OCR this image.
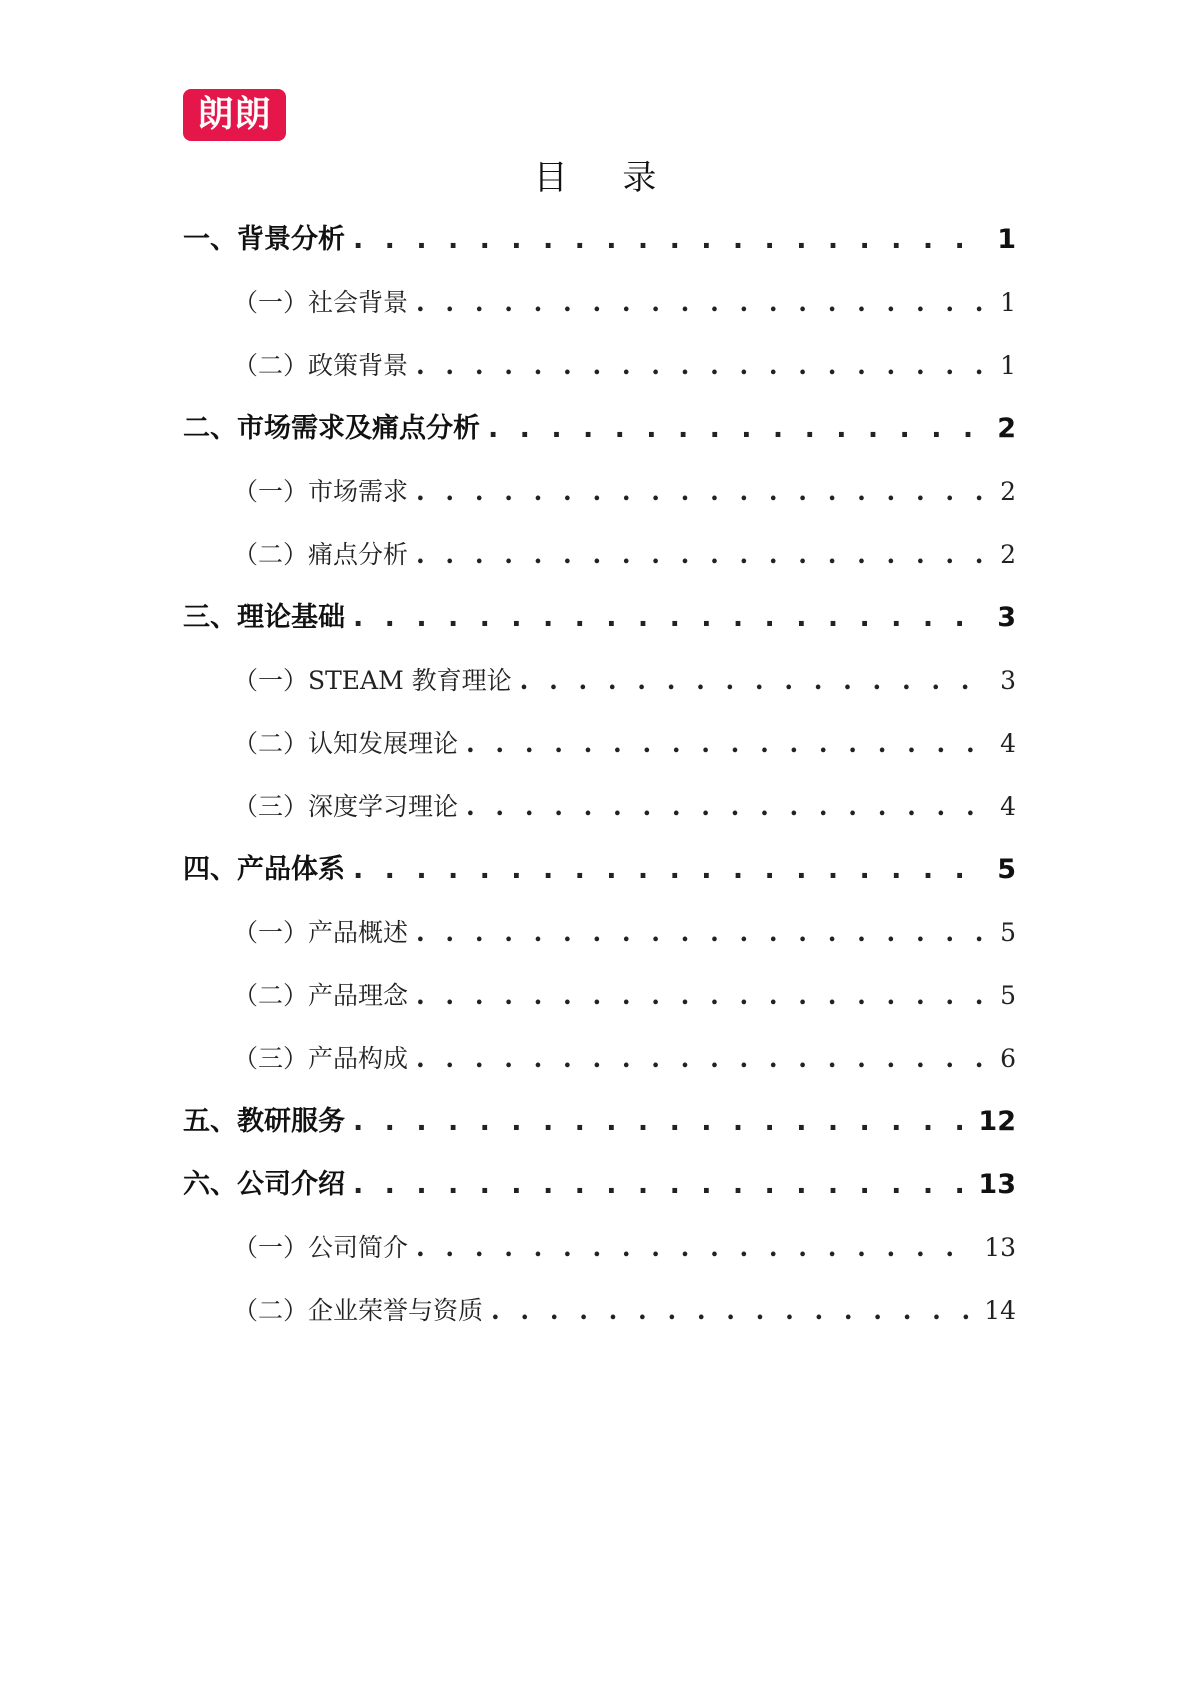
朗朗
目 录
一、背景分析 . . .	1
（一）社会背景 . . .	1
（二）政策背景 . . .	1
二、市场需求及痛点分析 . . .	2
（一）市场需求 . . .	2
（二）痛点分析 . . .	2
三、理论基础 . . .	3
（一）STEAM 教育理论 . . .	3
（二）认知发展理论 . . .	4
（三）深度学习理论 . . .	4
四、产品体系 . . .	5
（一）产品概述 . . .	5
（二）产品理念 . . .	5
（三）产品构成 . . .	6
五、教研服务 . . .	12
六、公司介绍 . . .	13
（一）公司简介 . . .	13
（二）企业荣誉与资质 . . .	14
